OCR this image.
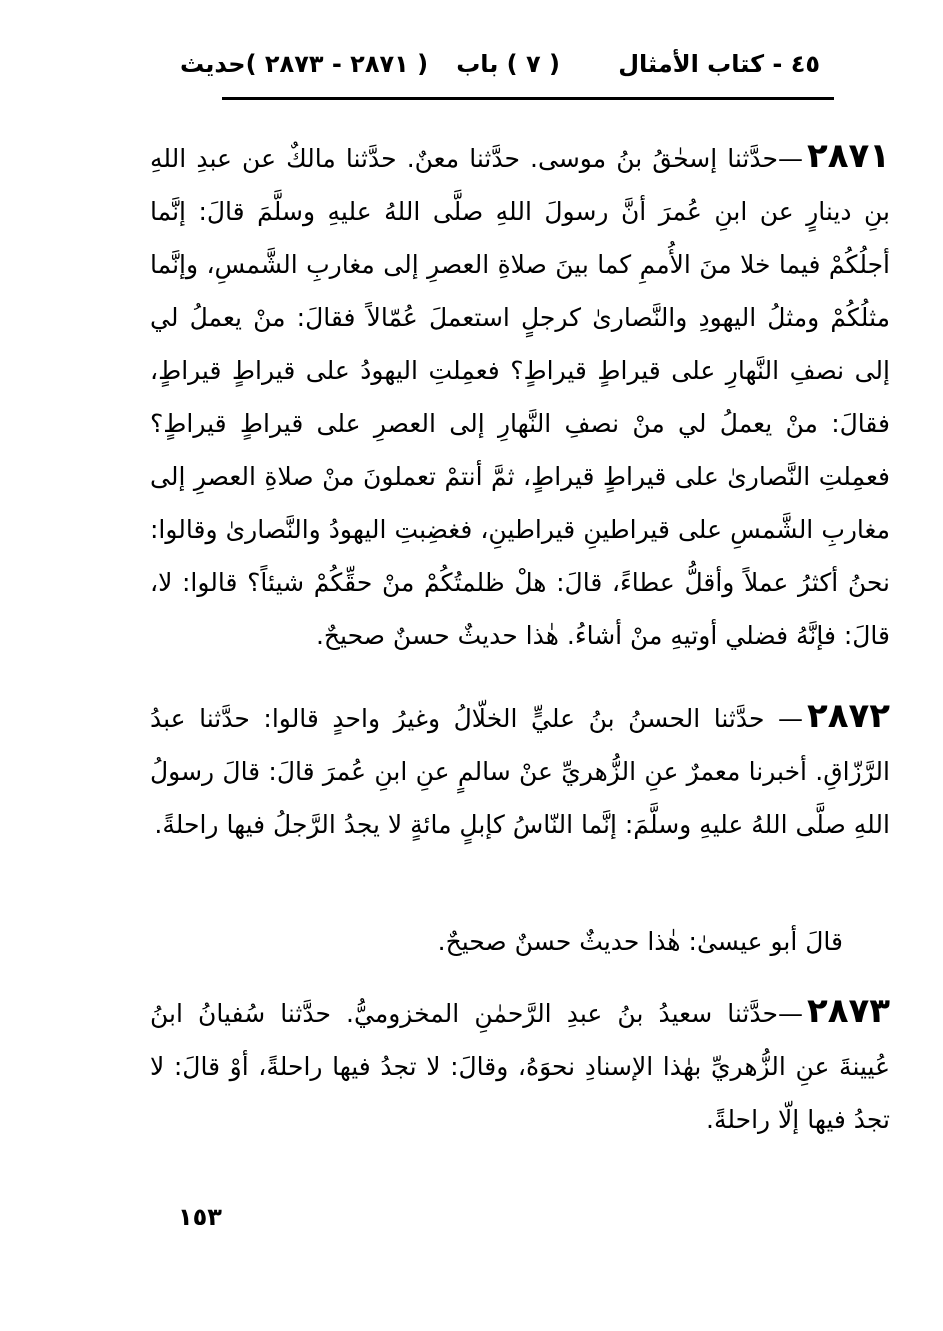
٤٥ - كتاب الأمثال
( ٧ ) باب
( ٢٨٧١ - ٢٨٧٣ )حديث
٢٨٧١—حدَّثنا إسحٰقُ بنُ موسى. حدَّثنا معنٌ. حدَّثنا مالكٌ عن عبدِ اللهِ بنِ دينارٍ عن ابنِ عُمرَ أنَّ رسولَ اللهِ صلَّى اللهُ عليهِ وسلَّمَ قالَ: إنَّما أجلُكُمْ فيما خلا منَ الأُممِ كما بينَ صلاةِ العصرِ إلى مغاربِ الشَّمسِ، وإنَّما مثلُكُمْ ومثلُ اليهودِ والنَّصارىٰ كرجلٍ استعملَ عُمّالاً فقالَ: منْ يعملُ لي إلى نصفِ النَّهارِ على قيراطٍ قيراطٍ؟ فعمِلتِ اليهودُ على قيراطٍ قيراطٍ، فقالَ: منْ يعملُ لي منْ نصفِ النَّهارِ إلى العصرِ على قيراطٍ قيراطٍ؟ فعمِلتِ النَّصارىٰ على قيراطٍ قيراطٍ، ثمَّ أنتمْ تعملونَ منْ صلاةِ العصرِ إلى مغاربِ الشَّمسِ على قيراطينِ قيراطينِ، فغضِبتِ اليهودُ والنَّصارىٰ وقالوا: نحنُ أكثرُ عملاً وأقلُّ عطاءً، قالَ: هلْ ظلمتُكُمْ منْ حقِّكُمْ شيئاً؟ قالوا: لا، قالَ: فإنَّهُ فضلي أوتيهِ منْ أشاءُ. هٰذا حديثٌ حسنٌ صحيحٌ.
٢٨٧٢— حدَّثنا الحسنُ بنُ عليٍّ الخلّالُ وغيرُ واحدٍ قالوا: حدَّثنا عبدُ الرَّزّاقِ. أخبرنا معمرٌ عنِ الزُّهريِّ عنْ سالمٍ عنِ ابنِ عُمرَ قالَ: قالَ رسولُ اللهِ صلَّى اللهُ عليهِ وسلَّمَ: إنَّما النّاسُ كإبلٍ مائةٍ لا يجدُ الرَّجلُ فيها راحلةً.
قالَ أبو عيسىٰ: هٰذا حديثٌ حسنٌ صحيحٌ.
٢٨٧٣—حدَّثنا سعيدُ بنُ عبدِ الرَّحمٰنِ المخزوميُّ. حدَّثنا سُفيانُ ابنُ عُيينةَ عنِ الزُّهريِّ بهٰذا الإسنادِ نحوَهُ، وقالَ: لا تجدُ فيها راحلةً، أوْ قالَ: لا تجدُ فيها إلّا راحلةً.
١٥٣
